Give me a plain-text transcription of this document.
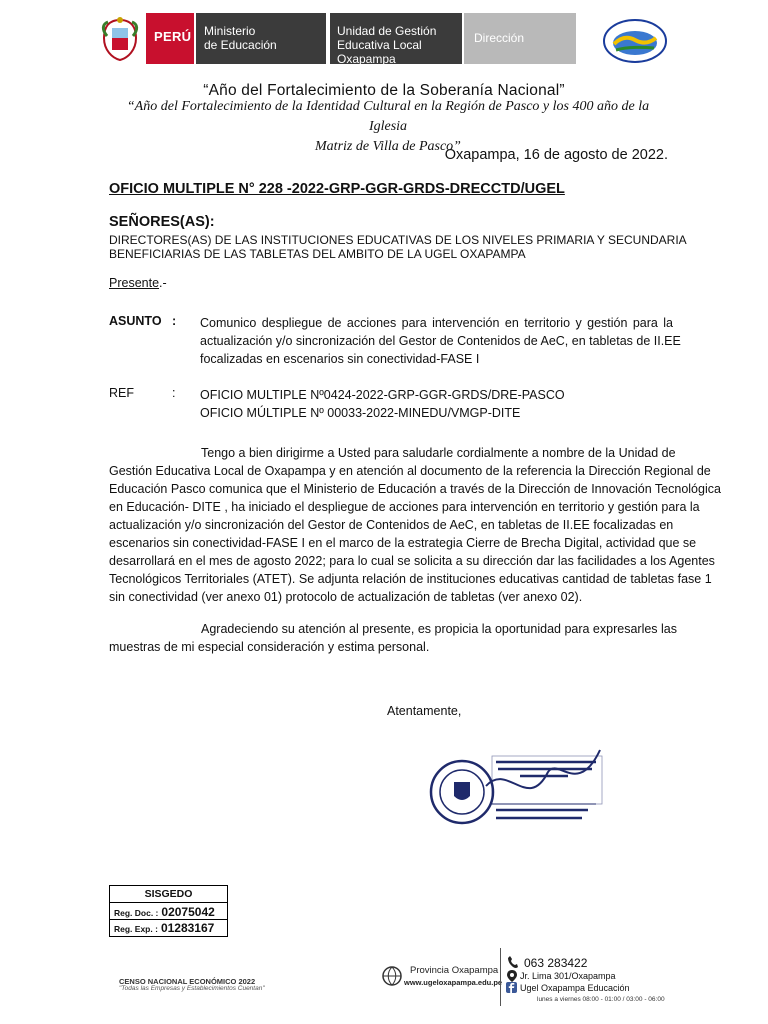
PERÚ Ministerio
de Educación
Unidad de Gestión
Educativa Local Oxapampa
Dirección
“Año del Fortalecimiento de la Soberanía Nacional”
“Año del Fortalecimiento de la Identidad Cultural en la Región de Pasco y los 400 año de la Iglesia
Matriz de Villa de Pasco”
Oxapampa, 16 de agosto de 2022.
OFICIO MULTIPLE N° 228 -2022-GRP-GGR-GRDS-DRECCTD/UGEL
SEÑORES(AS):
DIRECTORES(AS) DE LAS INSTITUCIONES EDUCATIVAS DE LOS NIVELES PRIMARIA Y SECUNDARIA
BENEFICIARIAS DE LAS TABLETAS DEL AMBITO DE LA UGEL OXAPAMPA
Presente.-
ASUNTO : Comunico despliegue de acciones para intervención en territorio y gestión para la
actualización y/o sincronización del Gestor de Contenidos de AeC, en tabletas de II.EE
focalizadas en escenarios sin conectividad-FASE I
REF	: OFICIO MULTIPLE Nº0424-2022-GRP-GGR-GRDS/DRE-PASCO
OFICIO MÚLTIPLE Nº 00033-2022-MINEDU/VMGP-DITE
Tengo a bien dirigirme a Usted para saludarle cordialmente a nombre de la Unidad de
Gestión Educativa Local de Oxapampa y en atención al documento de la referencia la Dirección Regional de
Educación Pasco comunica que el Ministerio de Educación a través de la Dirección de Innovación Tecnológica
en Educación- DITE , ha iniciado el despliegue de acciones para intervención en territorio y gestión para la
actualización y/o sincronización del Gestor de Contenidos de AeC, en tabletas de II.EE focalizadas en
escenarios sin conectividad-FASE I en el marco de la estrategia Cierre de Brecha Digital, actividad que se
desarrollará en el mes de agosto 2022; para lo cual se solicita a su dirección dar las facilidades a los Agentes
Tecnológicos Territoriales (ATET). Se adjunta relación de instituciones educativas cantidad de tabletas fase 1
sin conectividad (ver anexo 01) protocolo de actualización de tabletas (ver anexo 02).
Agradeciendo su atención al presente, es propicia la oportunidad para expresarles las
muestras de mi especial consideración y estima personal.
Atentamente,
SISGEDO
Reg. Doc. : 02075042
Reg. Exp. : 01283167
CENSO NACIONAL ECONÓMICO 2022
"Todas las Empresas y Establecimientos Cuentan"
Provincia Oxapampa
www.ugeloxapampa.edu.pe
063 283422
Jr. Lima 301/Oxapampa
Ugel Oxapampa Educación
lunes a viernes 08:00 - 01:00 / 03:00 - 06:00
